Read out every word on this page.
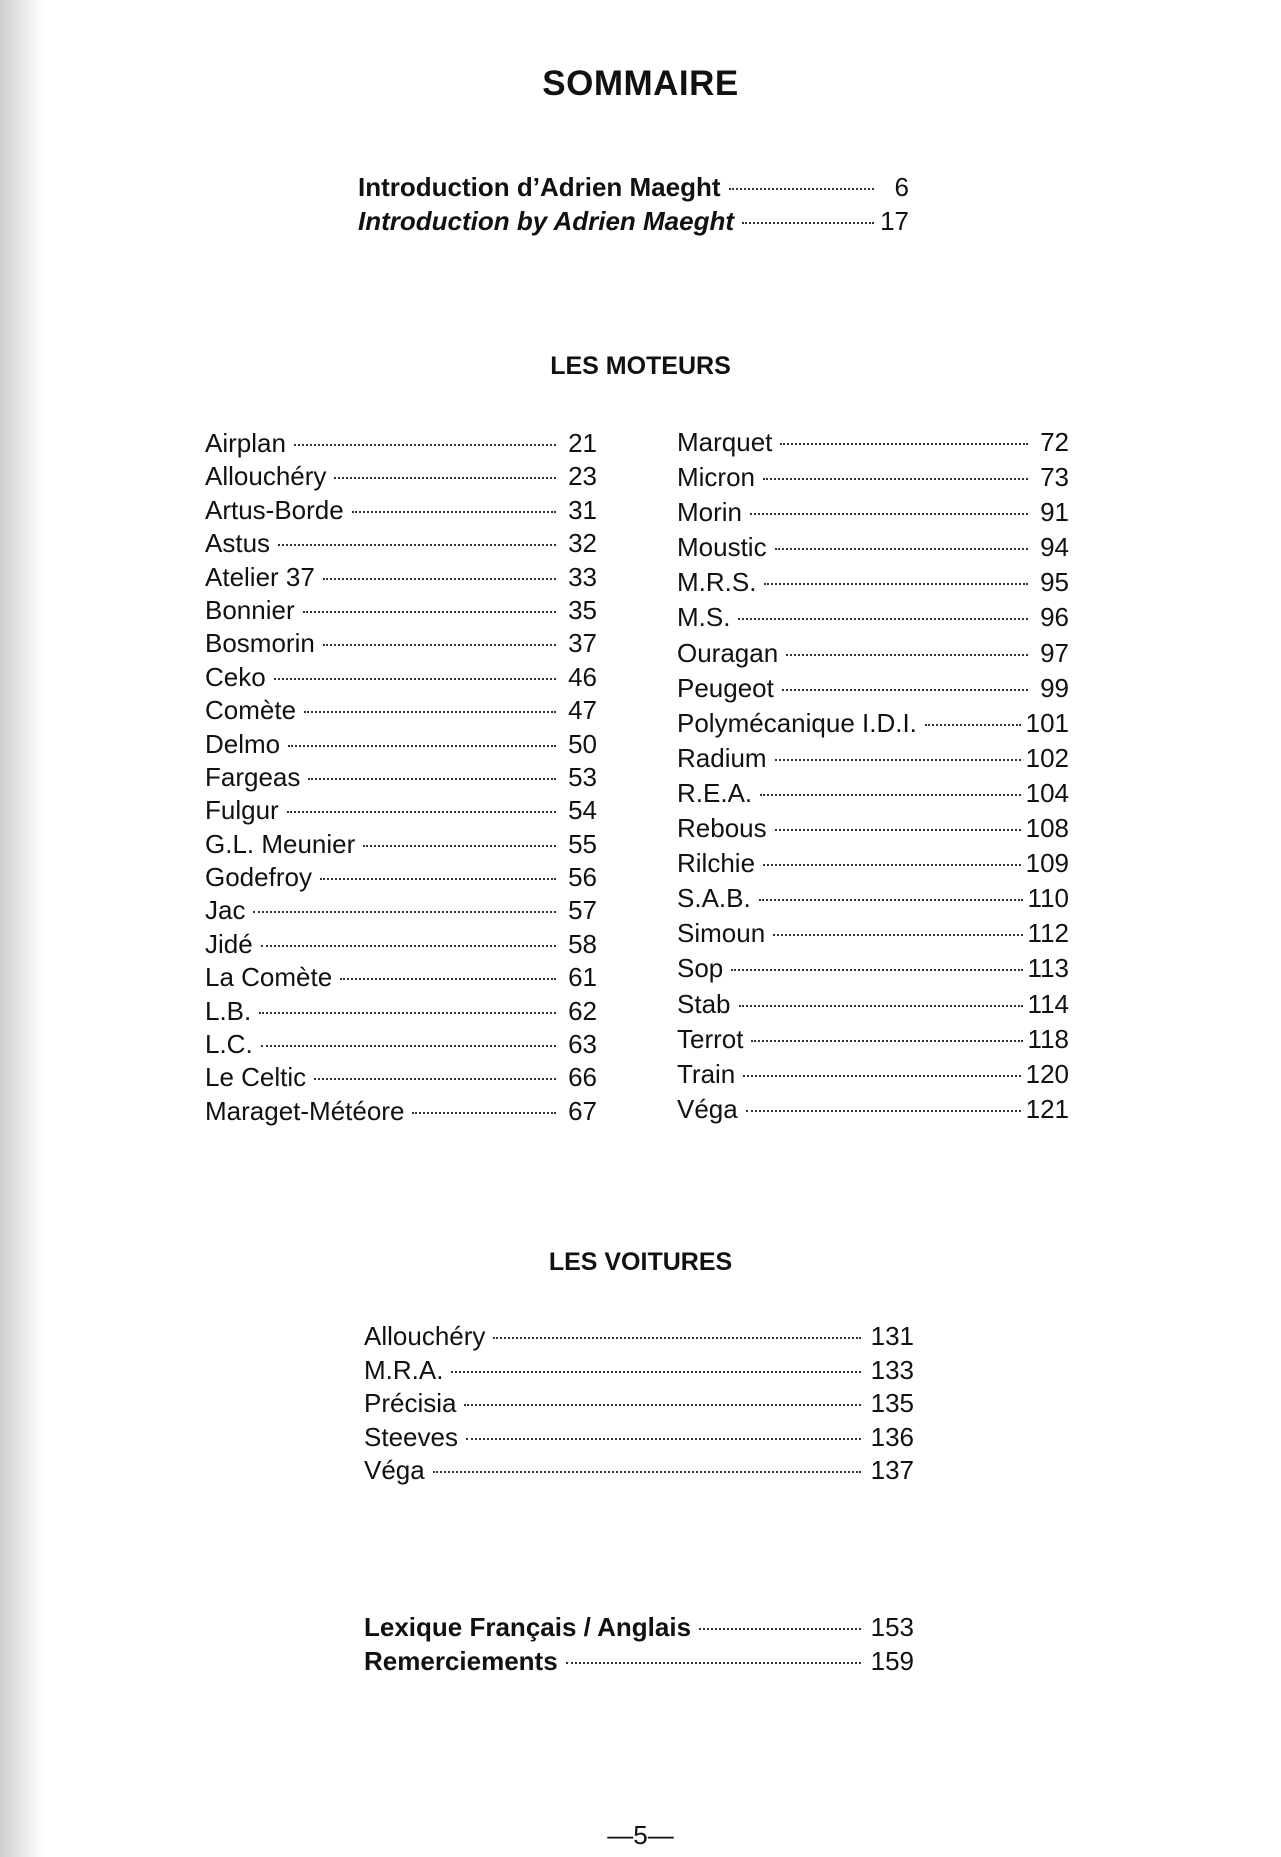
SOMMAIRE
Introduction d’Adrien Maeght	6
Introduction by Adrien Maeght	17
LES MOTEURS
Airplan	21
Allouchéry	23
Artus-Borde	31
Astus	32
Atelier 37	33
Bonnier	35
Bosmorin	37
Ceko	46
Comète	47
Delmo	50
Fargeas	53
Fulgur	54
G.L. Meunier	55
Godefroy	56
Jac	57
Jidé	58
La Comète	61
L.B.	62
L.C.	63
Le Celtic	66
Maraget-Météore	67
Marquet	72
Micron	73
Morin	91
Moustic	94
M.R.S.	95
M.S.	96
Ouragan	97
Peugeot	99
Polymécanique I.D.I.	101
Radium	102
R.E.A.	104
Rebous	108
Rilchie	109
S.A.B.	110
Simoun	112
Sop	113
Stab	114
Terrot	118
Train	120
Véga	121
LES VOITURES
Allouchéry	131
M.R.A.	133
Précisia	135
Steeves	136
Véga	137
Lexique Français / Anglais	153
Remerciements	159
—5—
